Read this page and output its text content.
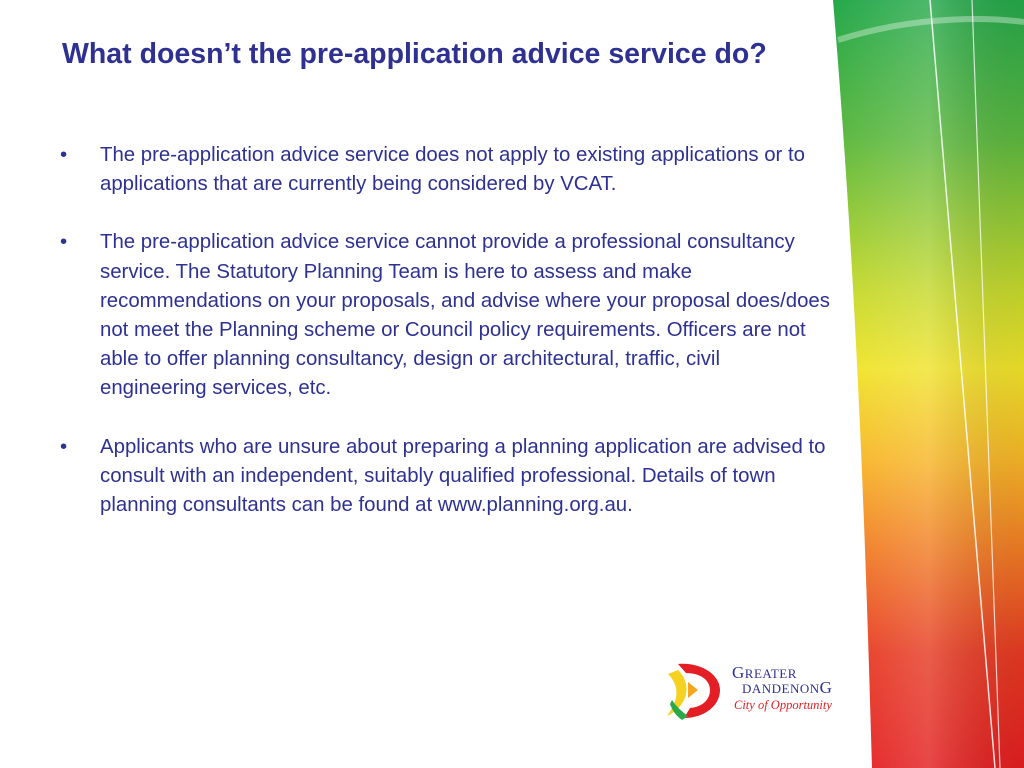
What doesn’t the pre-application advice service do?
• The pre-application advice service does not apply to existing applications or to applications that are currently being considered by VCAT.
• The pre-application advice service cannot provide a professional consultancy service. The Statutory Planning Team is here to assess and make recommendations on your proposals, and advise where your proposal does/does not meet the Planning scheme or Council policy requirements. Officers are not able to offer planning consultancy, design or architectural, traffic, civil engineering services, etc.
• Applicants who are unsure about preparing a planning application are advised to consult with an independent, suitably qualified professional. Details of town planning consultants can be found at www.planning.org.au.
GREATER
DANDENONG
City of Opportunity
